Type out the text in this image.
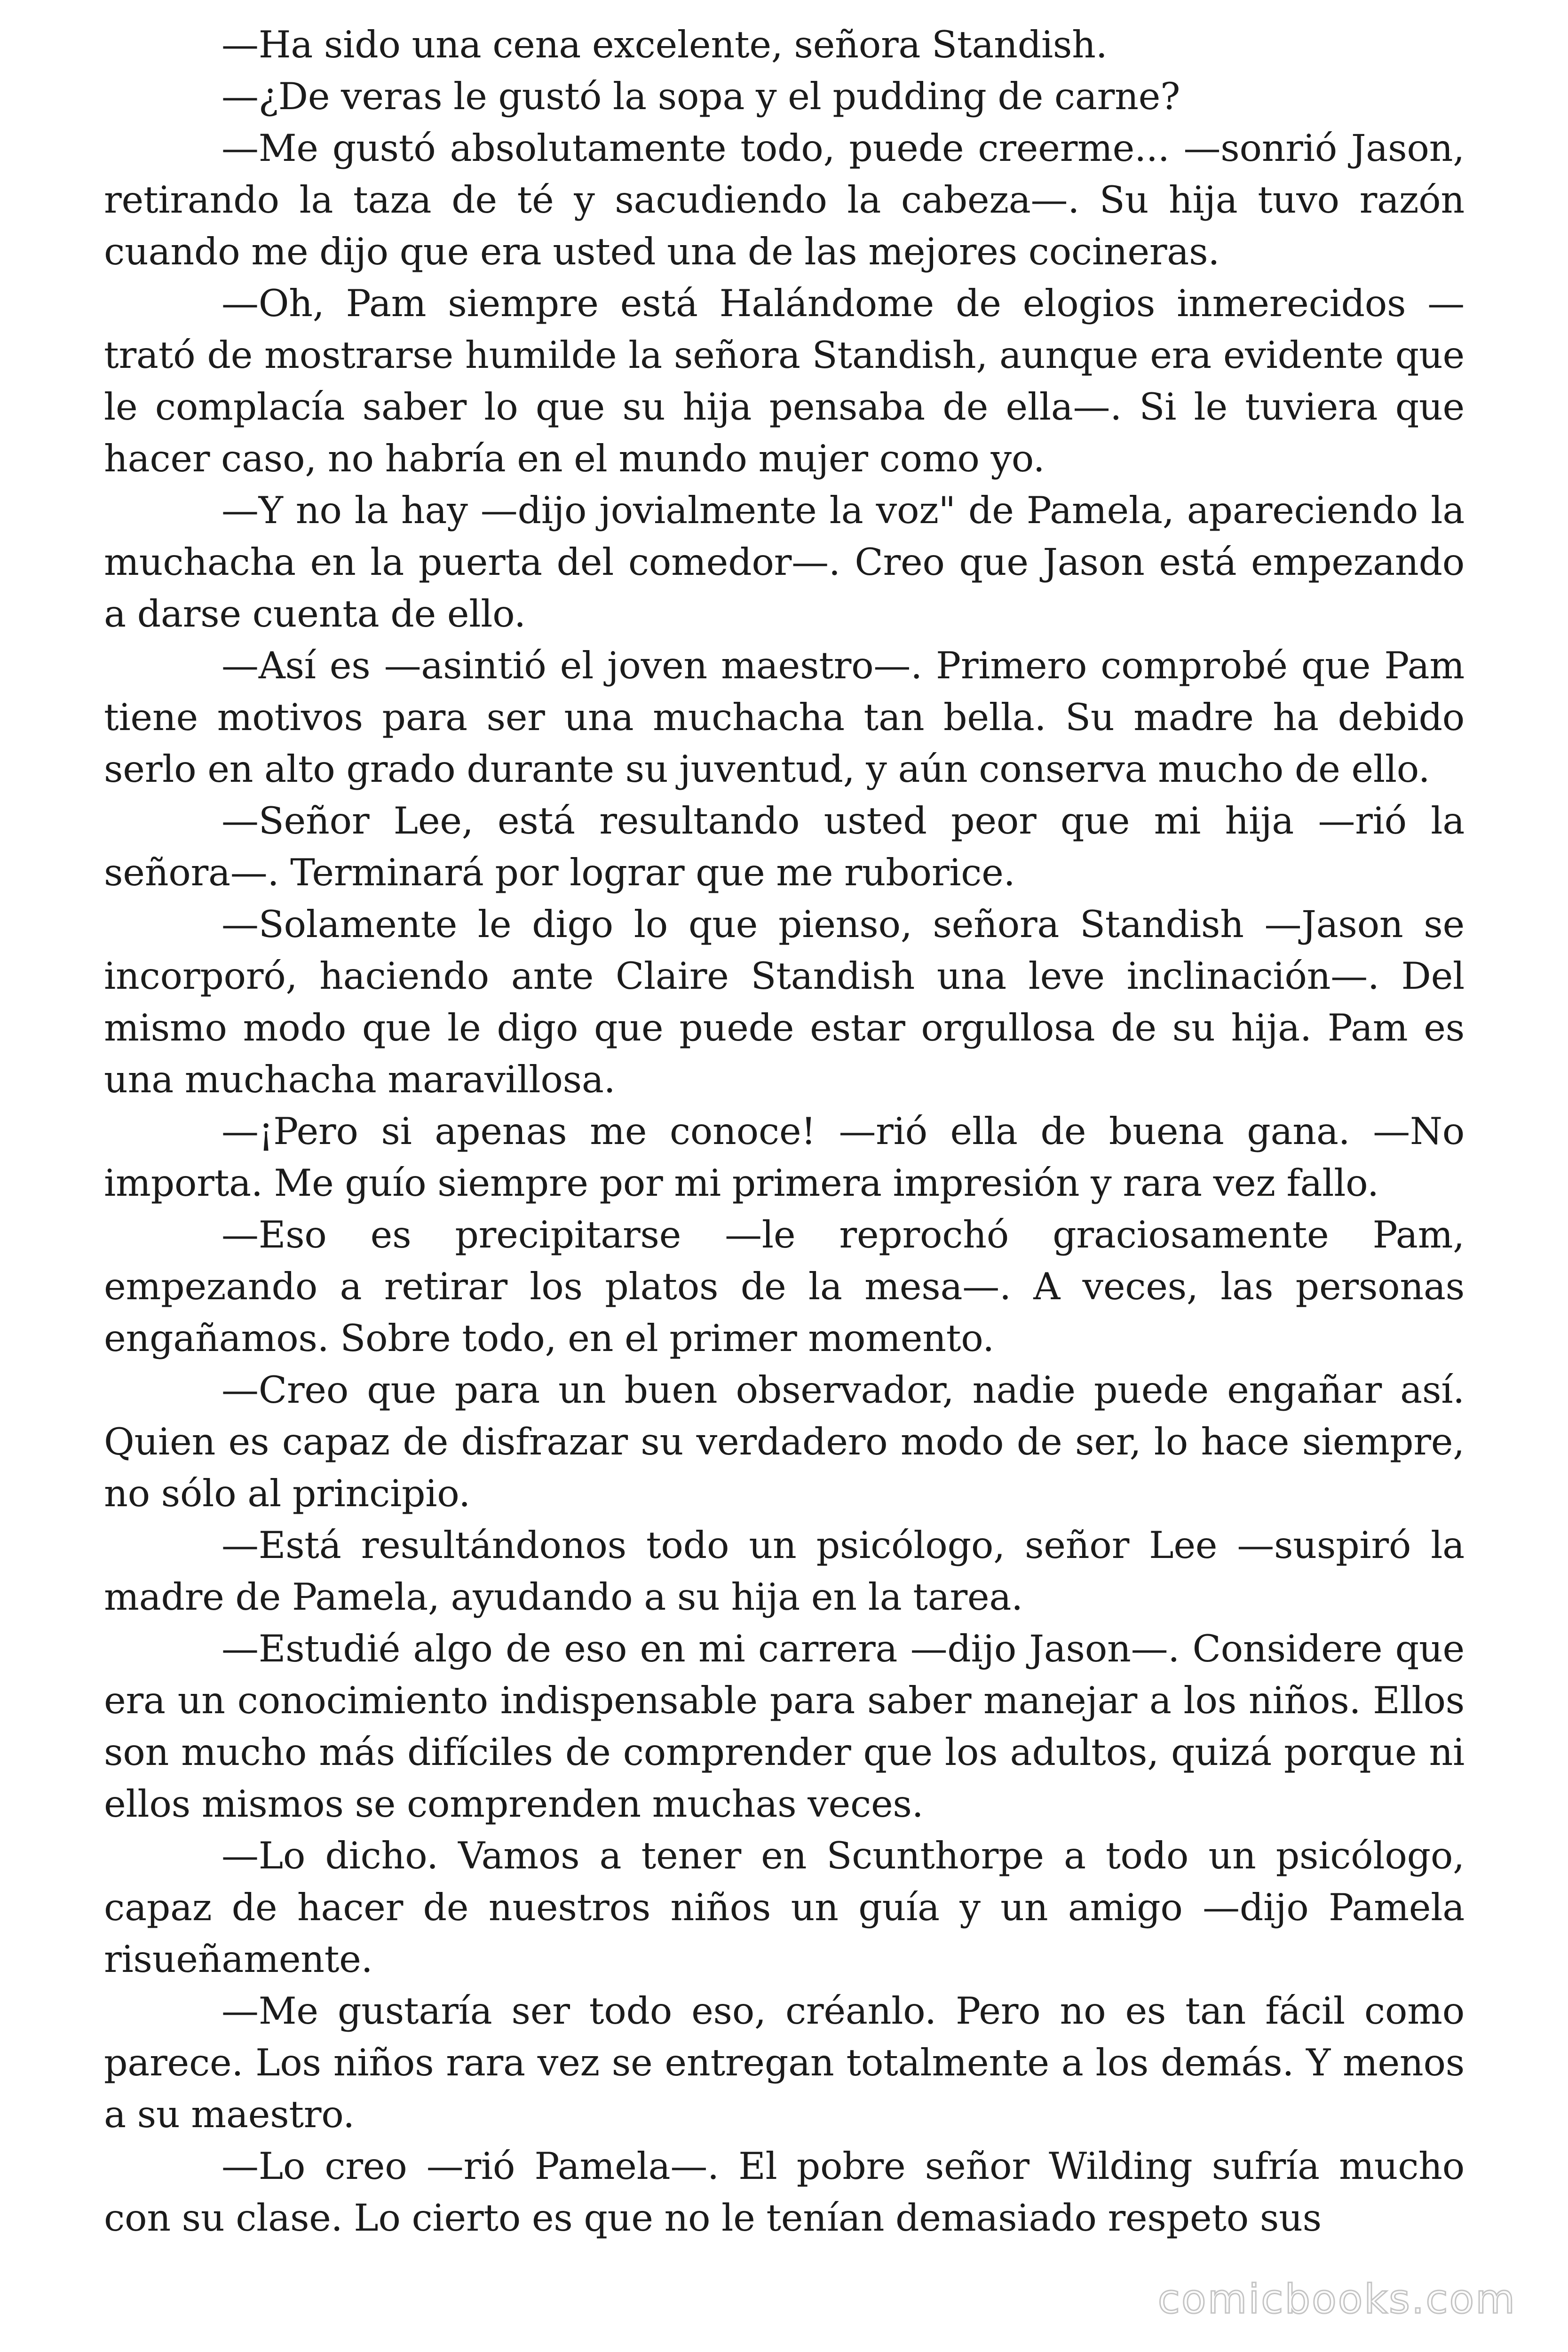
—Ha sido una cena excelente, señora Standish.

—¿De veras le gustó la sopa y el pudding de carne?

—Me gustó absolutamente todo, puede creerme... —sonrió Jason, retirando la taza de té y sacudiendo la cabeza—. Su hija tuvo razón cuando me dijo que era usted una de las mejores cocineras.

—Oh, Pam siempre está Halándome de elogios inmerecidos —trató de mostrarse humilde la señora Standish, aunque era evidente que le complacía saber lo que su hija pensaba de ella—. Si le tuviera que hacer caso, no habría en el mundo mujer como yo.

—Y no la hay —dijo jovialmente la voz" de Pamela, apareciendo la muchacha en la puerta del comedor—. Creo que Jason está empezando a darse cuenta de ello.

—Así es —asintió el joven maestro—. Primero comprobé que Pam tiene motivos para ser una muchacha tan bella. Su madre ha debido serlo en alto grado durante su juventud, y aún conserva mucho de ello.

—Señor Lee, está resultando usted peor que mi hija —rió la señora—. Terminará por lograr que me ruborice.

—Solamente le digo lo que pienso, señora Standish —Jason se incorporó, haciendo ante Claire Standish una leve inclinación—. Del mismo modo que le digo que puede estar orgullosa de su hija. Pam es una muchacha maravillosa.

—¡Pero si apenas me conoce! —rió ella de buena gana. —No importa. Me guío siempre por mi primera impresión y rara vez fallo.

—Eso es precipitarse —le reprochó graciosamente Pam, empezando a retirar los platos de la mesa—. A veces, las personas engañamos. Sobre todo, en el primer momento.

—Creo que para un buen observador, nadie puede engañar así. Quien es capaz de disfrazar su verdadero modo de ser, lo hace siempre, no sólo al principio.

—Está resultándonos todo un psicólogo, señor Lee —suspiró la madre de Pamela, ayudando a su hija en la tarea.

—Estudié algo de eso en mi carrera —dijo Jason—. Considere que era un conocimiento indispensable para saber manejar a los niños. Ellos son mucho más difíciles de comprender que los adultos, quizá porque ni ellos mismos se comprenden muchas veces.

—Lo dicho. Vamos a tener en Scunthorpe a todo un psicólogo, capaz de hacer de nuestros niños un guía y un amigo —dijo Pamela risueñamente.

—Me gustaría ser todo eso, créanlo. Pero no es tan fácil como parece. Los niños rara vez se entregan totalmente a los demás. Y menos a su maestro.

—Lo creo —rió Pamela—. El pobre señor Wilding sufría mucho con su clase. Lo cierto es que no le tenían demasiado respeto sus

comicbooks.com
